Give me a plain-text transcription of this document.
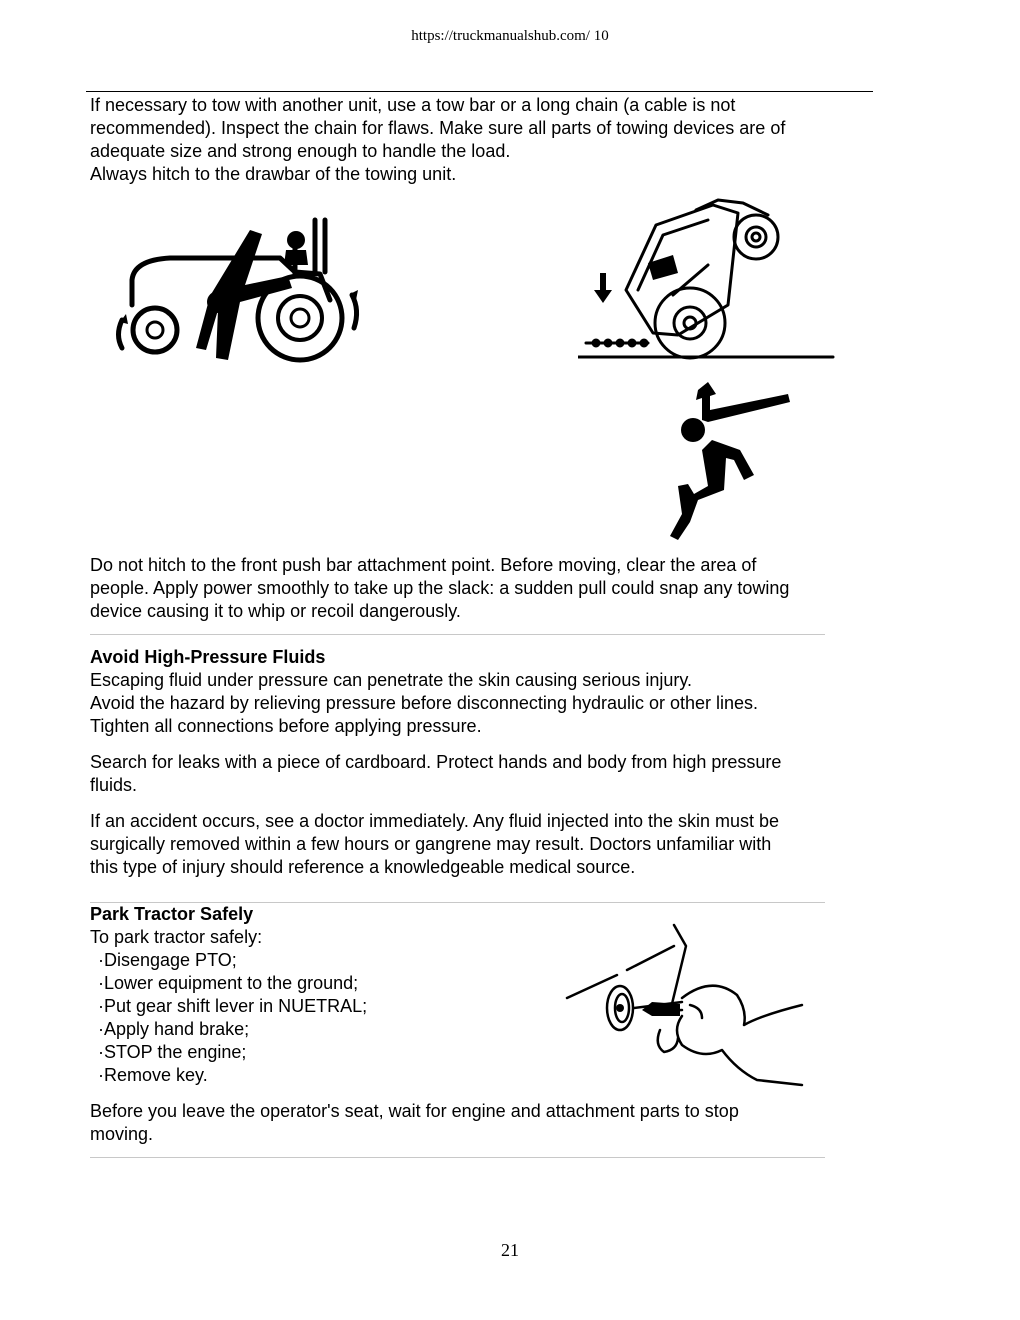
https://truckmanualshub.com/ 10

If necessary to tow with another unit, use a tow bar or a long chain (a cable is not

recommended). Inspect the chain for flaws. Make sure all parts of towing devices are of

adequate size and strong enough to handle the load.

Always hitch to the drawbar of the towing unit.

Do not hitch to the front push bar attachment point. Before moving, clear the area of

people. Apply power smoothly to take up the slack: a sudden pull could snap any towing

device causing it to whip or recoil dangerously.

Avoid High-Pressure Fluids

Escaping fluid under pressure can penetrate the skin causing serious injury.

Avoid the hazard by relieving pressure before disconnecting hydraulic or other lines.

Tighten all connections before applying pressure.

Search for leaks with a piece of cardboard. Protect hands and body from high pressure

fluids.

If an accident occurs, see a doctor immediately. Any fluid injected into the skin must be

surgically removed within a few hours or gangrene may result. Doctors unfamiliar with

this type of injury should reference a knowledgeable medical source.

Park Tractor Safely

To park tractor safely:

·Disengage PTO;
·Lower equipment to the ground;
·Put gear shift lever in NUETRAL;
·Apply hand brake;
·STOP the engine;
·Remove key.

Before you leave the operator's seat, wait for engine and attachment parts to stop

moving.

21
